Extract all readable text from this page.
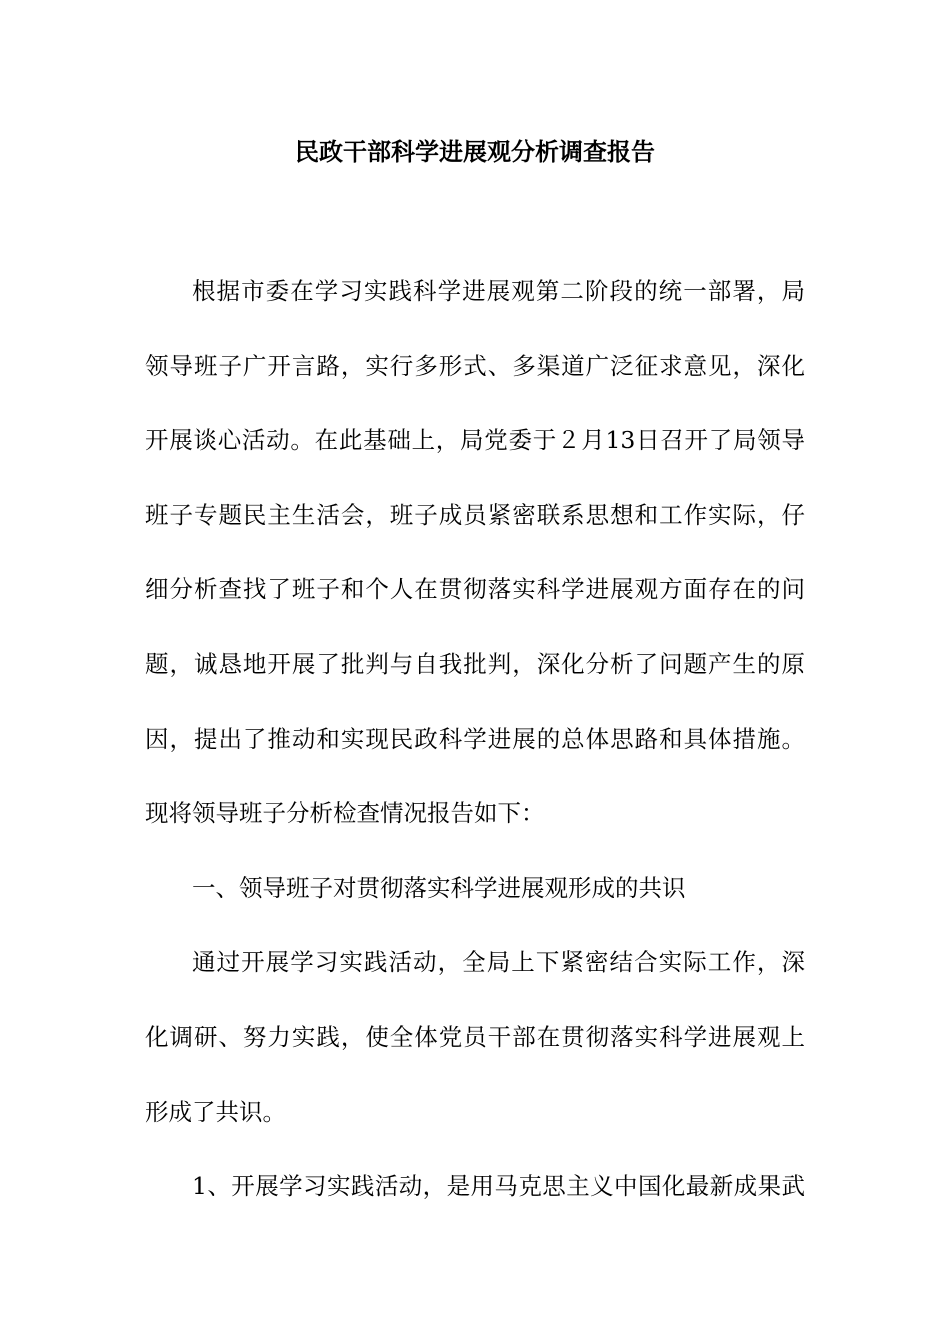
民政干部科学进展观分析调查报告
根据市委在学习实践科学进展观第二阶段的统一部署，局
领导班子广开言路，实行多形式、多渠道广泛征求意见，深化
开展谈心活动。在此基础上，局党委于２月13日召开了局领导
班子专题民主生活会，班子成员紧密联系思想和工作实际，仔
细分析查找了班子和个人在贯彻落实科学进展观方面存在的问
题，诚恳地开展了批判与自我批判，深化分析了问题产生的原
因，提出了推动和实现民政科学进展的总体思路和具体措施。
现将领导班子分析检查情况报告如下：
一、领导班子对贯彻落实科学进展观形成的共识
通过开展学习实践活动，全局上下紧密结合实际工作，深
化调研、努力实践，使全体党员干部在贯彻落实科学进展观上
形成了共识。
1、开展学习实践活动，是用马克思主义中国化最新成果武
